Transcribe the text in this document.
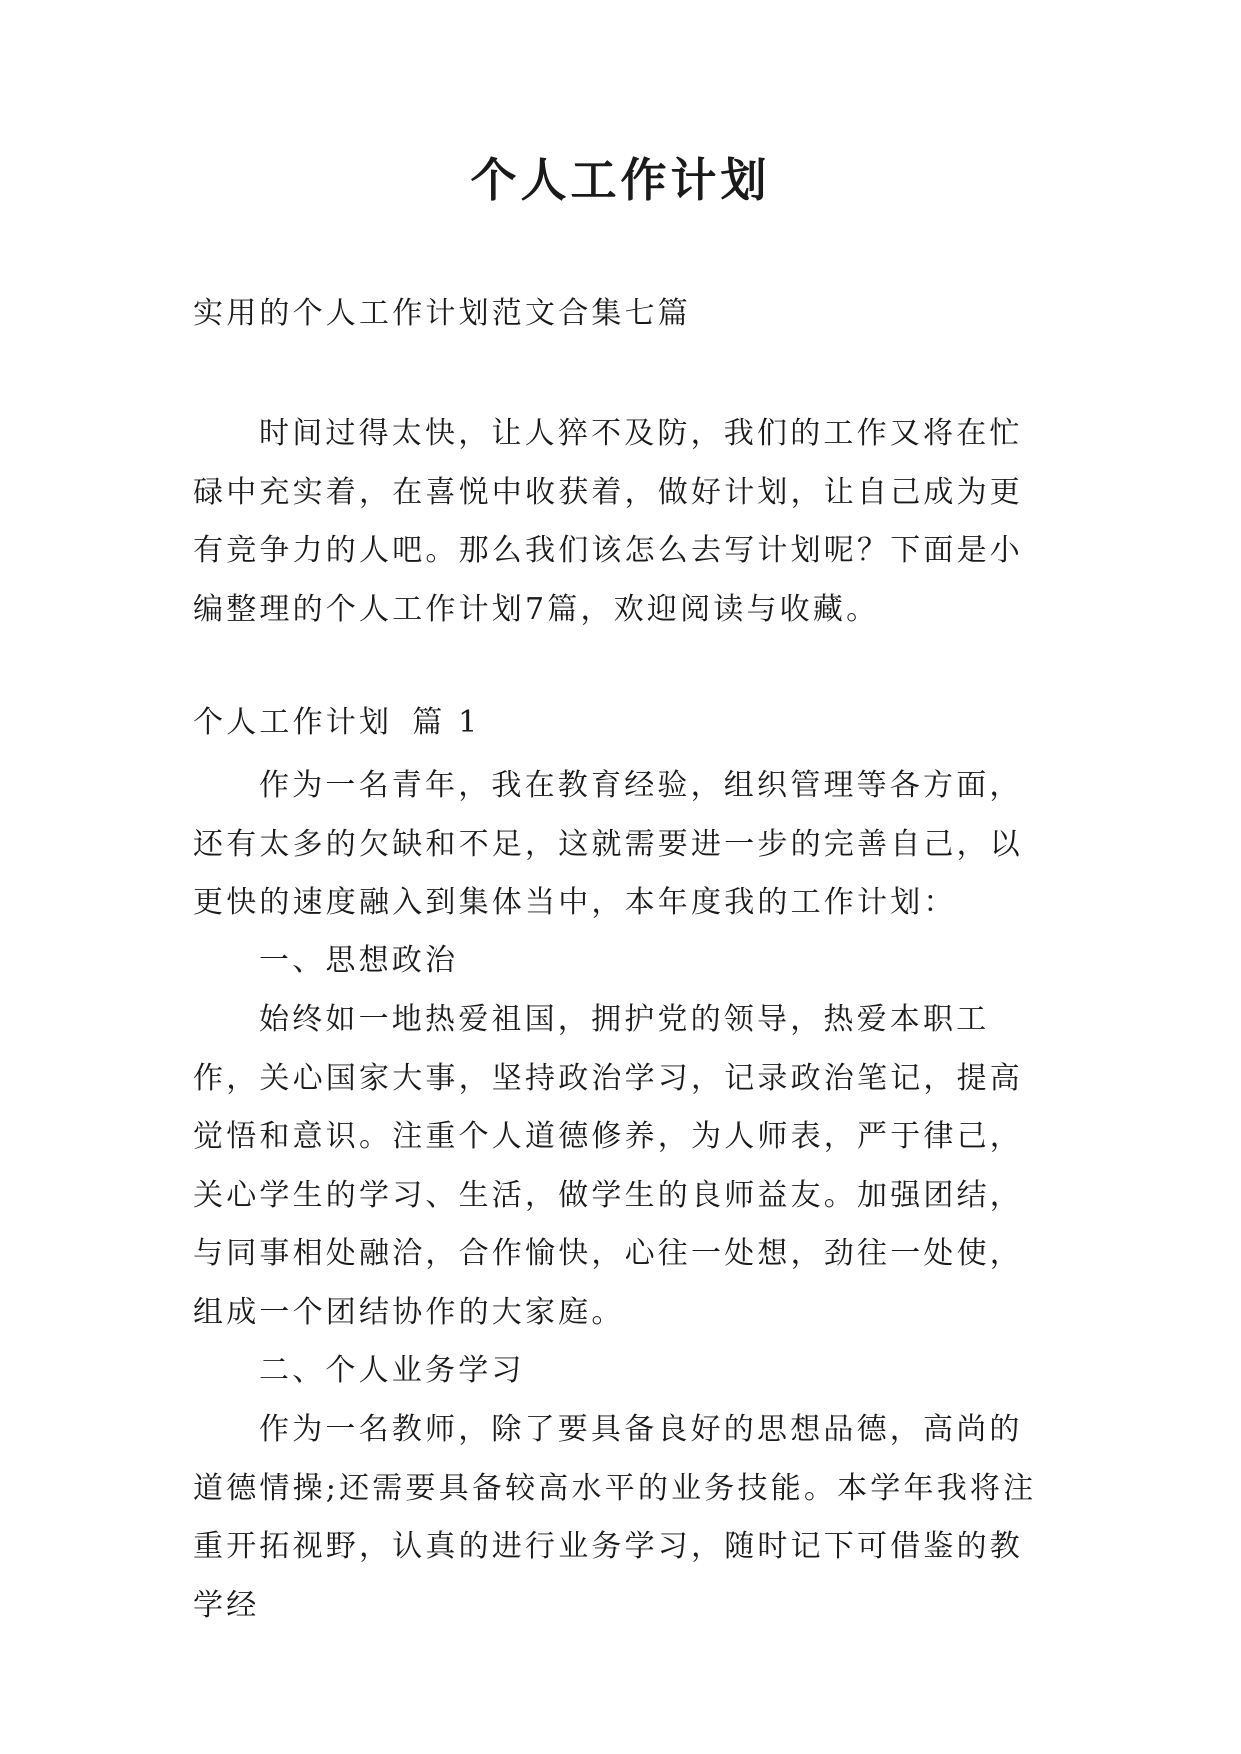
个人工作计划

实用的个人工作计划范文合集七篇

时间过得太快，让人猝不及防，我们的工作又将在忙碌中充实着，在喜悦中收获着，做好计划，让自己成为更有竞争力的人吧。那么我们该怎么去写计划呢？下面是小编整理的个人工作计划7篇，欢迎阅读与收藏。

个人工作计划 篇 1

作为一名青年，我在教育经验，组织管理等各方面，还有太多的欠缺和不足，这就需要进一步的完善自己，以更快的速度融入到集体当中，本年度我的工作计划：

一、思想政治

始终如一地热爱祖国，拥护党的领导，热爱本职工作，关心国家大事，坚持政治学习，记录政治笔记，提高觉悟和意识。注重个人道德修养，为人师表，严于律己，关心学生的学习、生活，做学生的良师益友。加强团结，与同事相处融洽，合作愉快，心往一处想，劲往一处使，组成一个团结协作的大家庭。

二、个人业务学习

作为一名教师，除了要具备良好的思想品德，高尚的道德情操;还需要具备较高水平的业务技能。本学年我将注重开拓视野，认真的进行业务学习，随时记下可借鉴的教学经
